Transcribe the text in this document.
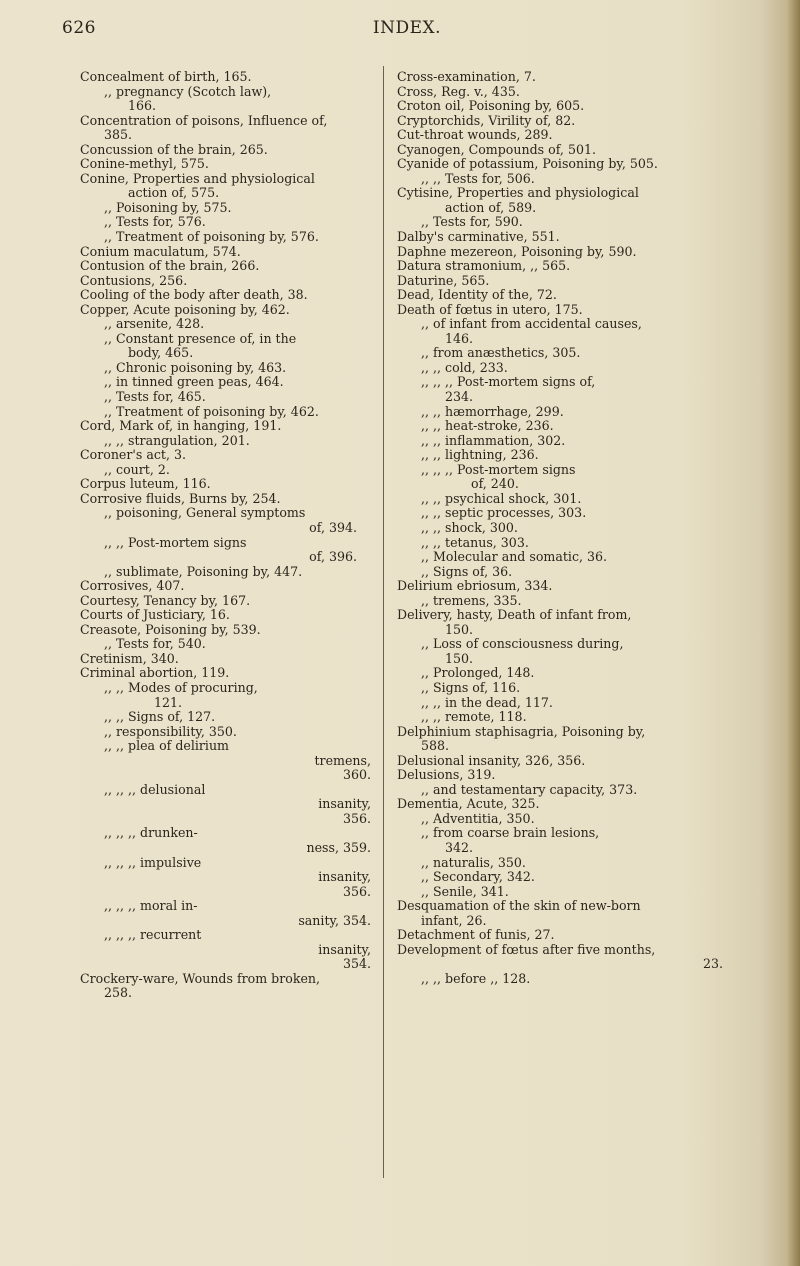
626	INDEX.
Concealment of birth, 165.
,, pregnancy (Scotch law),
166.
Concentration of poisons, Influence of,
385.
Concussion of the brain, 265.
Conine-methyl, 575.
Conine, Properties and physiological
action of, 575.
,, Poisoning by, 575.
,, Tests for, 576.
,, Treatment of poisoning by, 576.
Conium maculatum, 574.
Contusion of the brain, 266.
Contusions, 256.
Cooling of the body after death, 38.
Copper, Acute poisoning by, 462.
,, arsenite, 428.
,, Constant presence of, in the
body, 465.
,, Chronic poisoning by, 463.
,, in tinned green peas, 464.
,, Tests for, 465.
,, Treatment of poisoning by, 462.
Cord, Mark of, in hanging, 191.
,, ,, strangulation, 201.
Coroner's act, 3.
,, court, 2.
Corpus luteum, 116.
Corrosive fluids, Burns by, 254.
,, poisoning, General symptoms
of, 394.
,, ,, Post-mortem signs
of, 396.
,, sublimate, Poisoning by, 447.
Corrosives, 407.
Courtesy, Tenancy by, 167.
Courts of Justiciary, 16.
Creasote, Poisoning by, 539.
,, Tests for, 540.
Cretinism, 340.
Criminal abortion, 119.
,, ,, Modes of procuring,
121.
,, ,, Signs of, 127.
,, responsibility, 350.
,, ,, plea of delirium
tremens,
360.
,, ,, ,, delusional
insanity,
356.
,, ,, ,, drunken-
ness, 359.
,, ,, ,, impulsive
insanity,
356.
,, ,, ,, moral in-
sanity, 354.
,, ,, ,, recurrent
insanity,
354.
Crockery-ware, Wounds from broken,
258.
Cross-examination, 7.
Cross, Reg. v., 435.
Croton oil, Poisoning by, 605.
Cryptorchids, Virility of, 82.
Cut-throat wounds, 289.
Cyanogen, Compounds of, 501.
Cyanide of potassium, Poisoning by, 505.
,, ,, Tests for, 506.
Cytisine, Properties and physiological
action of, 589.
,, Tests for, 590.
Dalby's carminative, 551.
Daphne mezereon, Poisoning by, 590.
Datura stramonium, ,, 565.
Daturine, 565.
Dead, Identity of the, 72.
Death of fœtus in utero, 175.
,, of infant from accidental causes,
146.
,, from anæsthetics, 305.
,, ,, cold, 233.
,, ,, ,, Post-mortem signs of,
234.
,, ,, hæmorrhage, 299.
,, ,, heat-stroke, 236.
,, ,, inflammation, 302.
,, ,, lightning, 236.
,, ,, ,, Post-mortem signs
of, 240.
,, ,, psychical shock, 301.
,, ,, septic processes, 303.
,, ,, shock, 300.
,, ,, tetanus, 303.
,, Molecular and somatic, 36.
,, Signs of, 36.
Delirium ebriosum, 334.
,, tremens, 335.
Delivery, hasty, Death of infant from,
150.
,, Loss of consciousness during,
150.
,, Prolonged, 148.
,, Signs of, 116.
,, ,, in the dead, 117.
,, ,, remote, 118.
Delphinium staphisagria, Poisoning by,
588.
Delusional insanity, 326, 356.
Delusions, 319.
,, and testamentary capacity, 373.
Dementia, Acute, 325.
,, Adventitia, 350.
,, from coarse brain lesions,
342.
,, naturalis, 350.
,, Secondary, 342.
,, Senile, 341.
Desquamation of the skin of new-born
infant, 26.
Detachment of funis, 27.
Development of fœtus after five months,
23.
,, ,, before ,, 128.
